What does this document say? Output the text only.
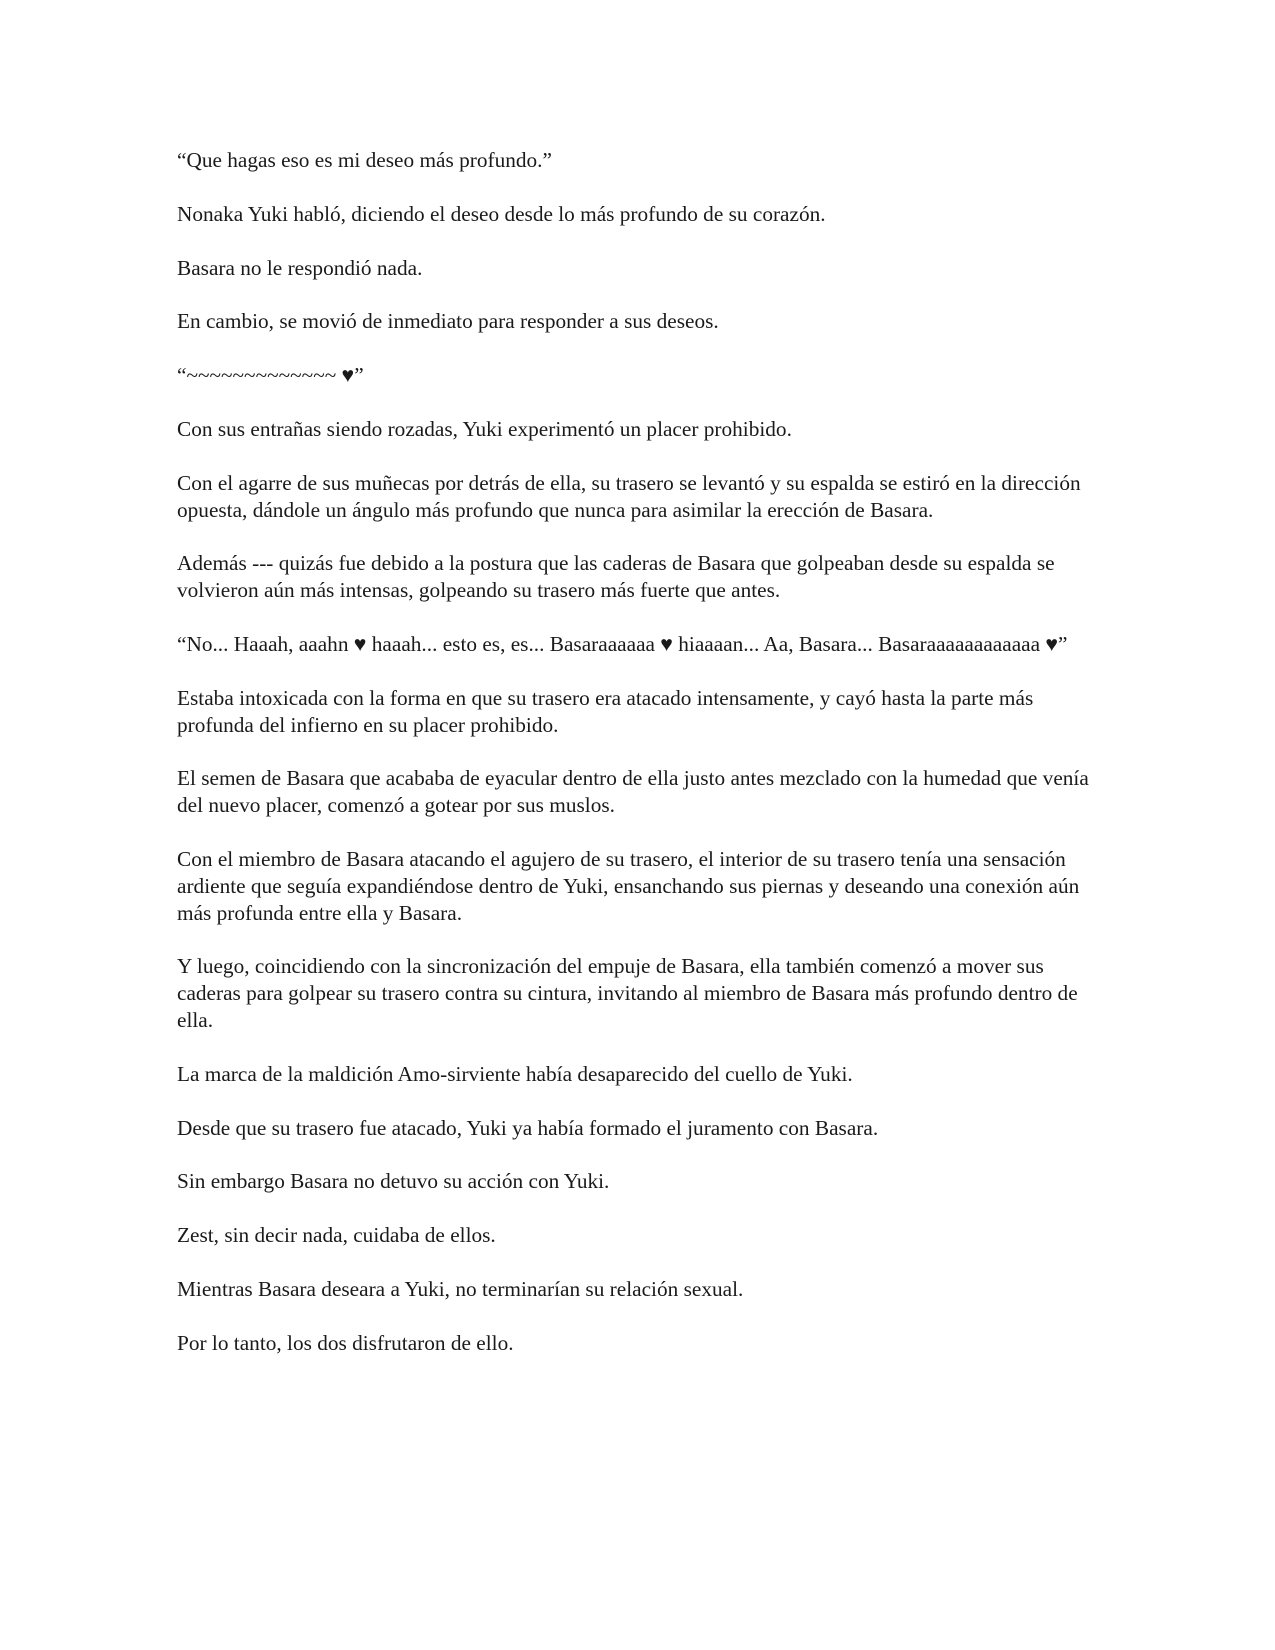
“Que hagas eso es mi deseo más profundo.”

Nonaka Yuki habló, diciendo el deseo desde lo más profundo de su corazón.

Basara no le respondió nada.

En cambio, se movió de inmediato para responder a sus deseos.

“~~~~~~~~~~~~~ ♥”

Con sus entrañas siendo rozadas, Yuki experimentó un placer prohibido.

Con el agarre de sus muñecas por detrás de ella, su trasero se levantó y su espalda se estiró en la dirección opuesta, dándole un ángulo más profundo que nunca para asimilar la erección de Basara.

Además --- quizás fue debido a la postura que las caderas de Basara que golpeaban desde su espalda se volvieron aún más intensas, golpeando su trasero más fuerte que antes.

“No... Haaah, aaahn ♥ haaah... esto es, es... Basaraaaaaa ♥ hiaaaan... Aa, Basara... Basaraaaaaaaaaaaa ♥”

Estaba intoxicada con la forma en que su trasero era atacado intensamente, y cayó hasta la parte más profunda del infierno en su placer prohibido.

El semen de Basara que acababa de eyacular dentro de ella justo antes mezclado con la humedad que venía del nuevo placer, comenzó a gotear por sus muslos.

Con el miembro de Basara atacando el agujero de su trasero, el interior de su trasero tenía una sensación ardiente que seguía expandiéndose dentro de Yuki, ensanchando sus piernas y deseando una conexión aún más profunda entre ella y Basara.

Y luego, coincidiendo con la sincronización del empuje de Basara, ella también comenzó a mover sus caderas para golpear su trasero contra su cintura, invitando al miembro de Basara más profundo dentro de ella.

La marca de la maldición Amo-sirviente había desaparecido del cuello de Yuki.

Desde que su trasero fue atacado, Yuki ya había formado el juramento con Basara.

Sin embargo Basara no detuvo su acción con Yuki.

Zest, sin decir nada, cuidaba de ellos.

Mientras Basara deseara a Yuki, no terminarían su relación sexual.

Por lo tanto, los dos disfrutaron de ello.
